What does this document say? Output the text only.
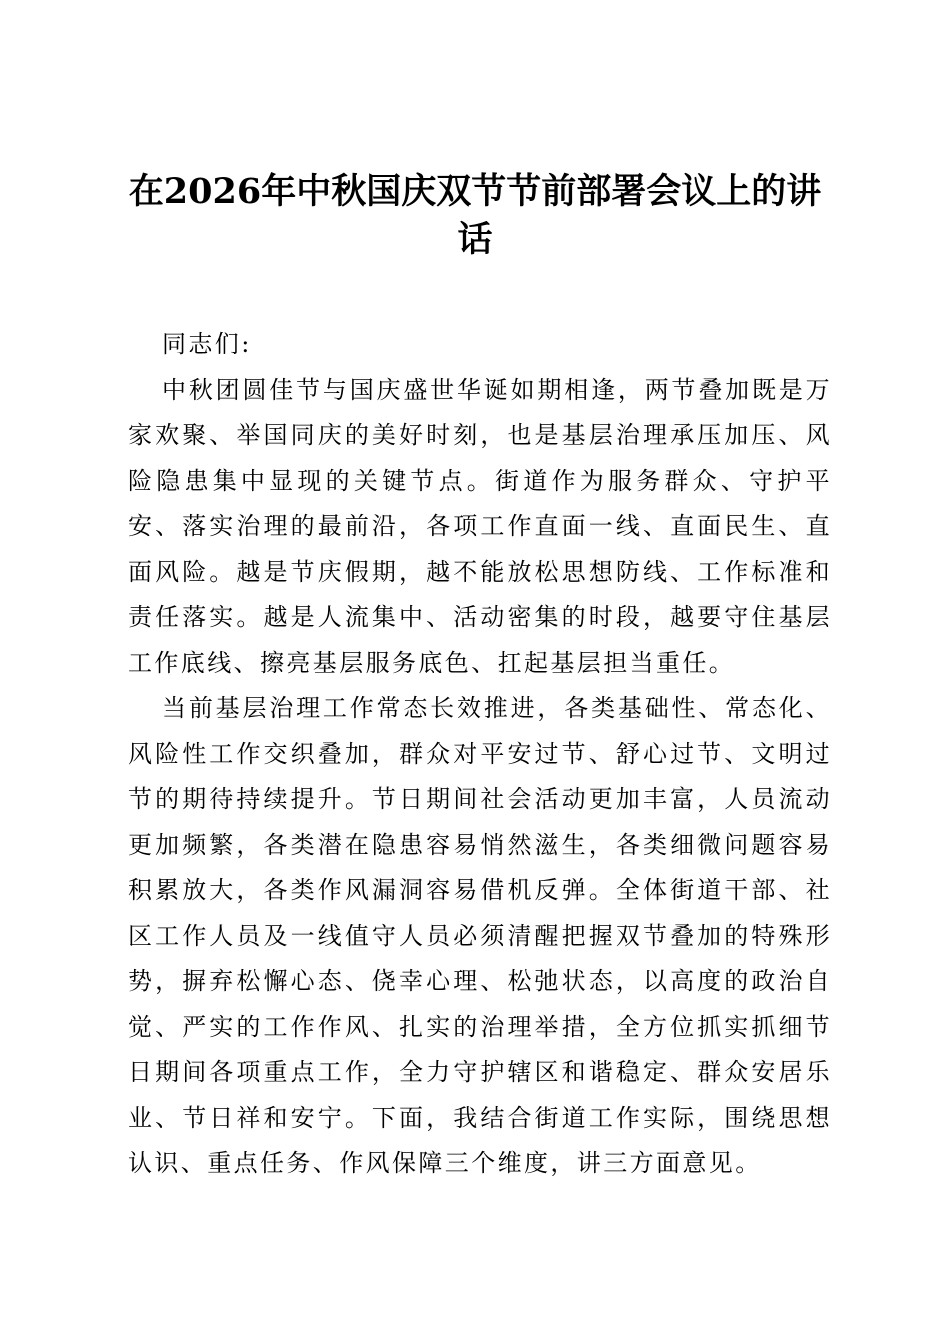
在2026年中秋国庆双节节前部署会议上的讲话

同志们:

中秋团圆佳节与国庆盛世华诞如期相逢，两节叠加既是万家欢聚、举国同庆的美好时刻，也是基层治理承压加压、风险隐患集中显现的关键节点。街道作为服务群众、守护平安、落实治理的最前沿，各项工作直面一线、直面民生、直面风险。越是节庆假期，越不能放松思想防线、工作标准和责任落实。越是人流集中、活动密集的时段，越要守住基层工作底线、擦亮基层服务底色、扛起基层担当重任。

当前基层治理工作常态长效推进，各类基础性、常态化、风险性工作交织叠加，群众对平安过节、舒心过节、文明过节的期待持续提升。节日期间社会活动更加丰富，人员流动更加频繁，各类潜在隐患容易悄然滋生，各类细微问题容易积累放大，各类作风漏洞容易借机反弹。全体街道干部、社区工作人员及一线值守人员必须清醒把握双节叠加的特殊形势，摒弃松懈心态、侥幸心理、松弛状态，以高度的政治自觉、严实的工作作风、扎实的治理举措，全方位抓实抓细节日期间各项重点工作，全力守护辖区和谐稳定、群众安居乐业、节日祥和安宁。下面，我结合街道工作实际，围绕思想认识、重点任务、作风保障三个维度，讲三方面意见。
